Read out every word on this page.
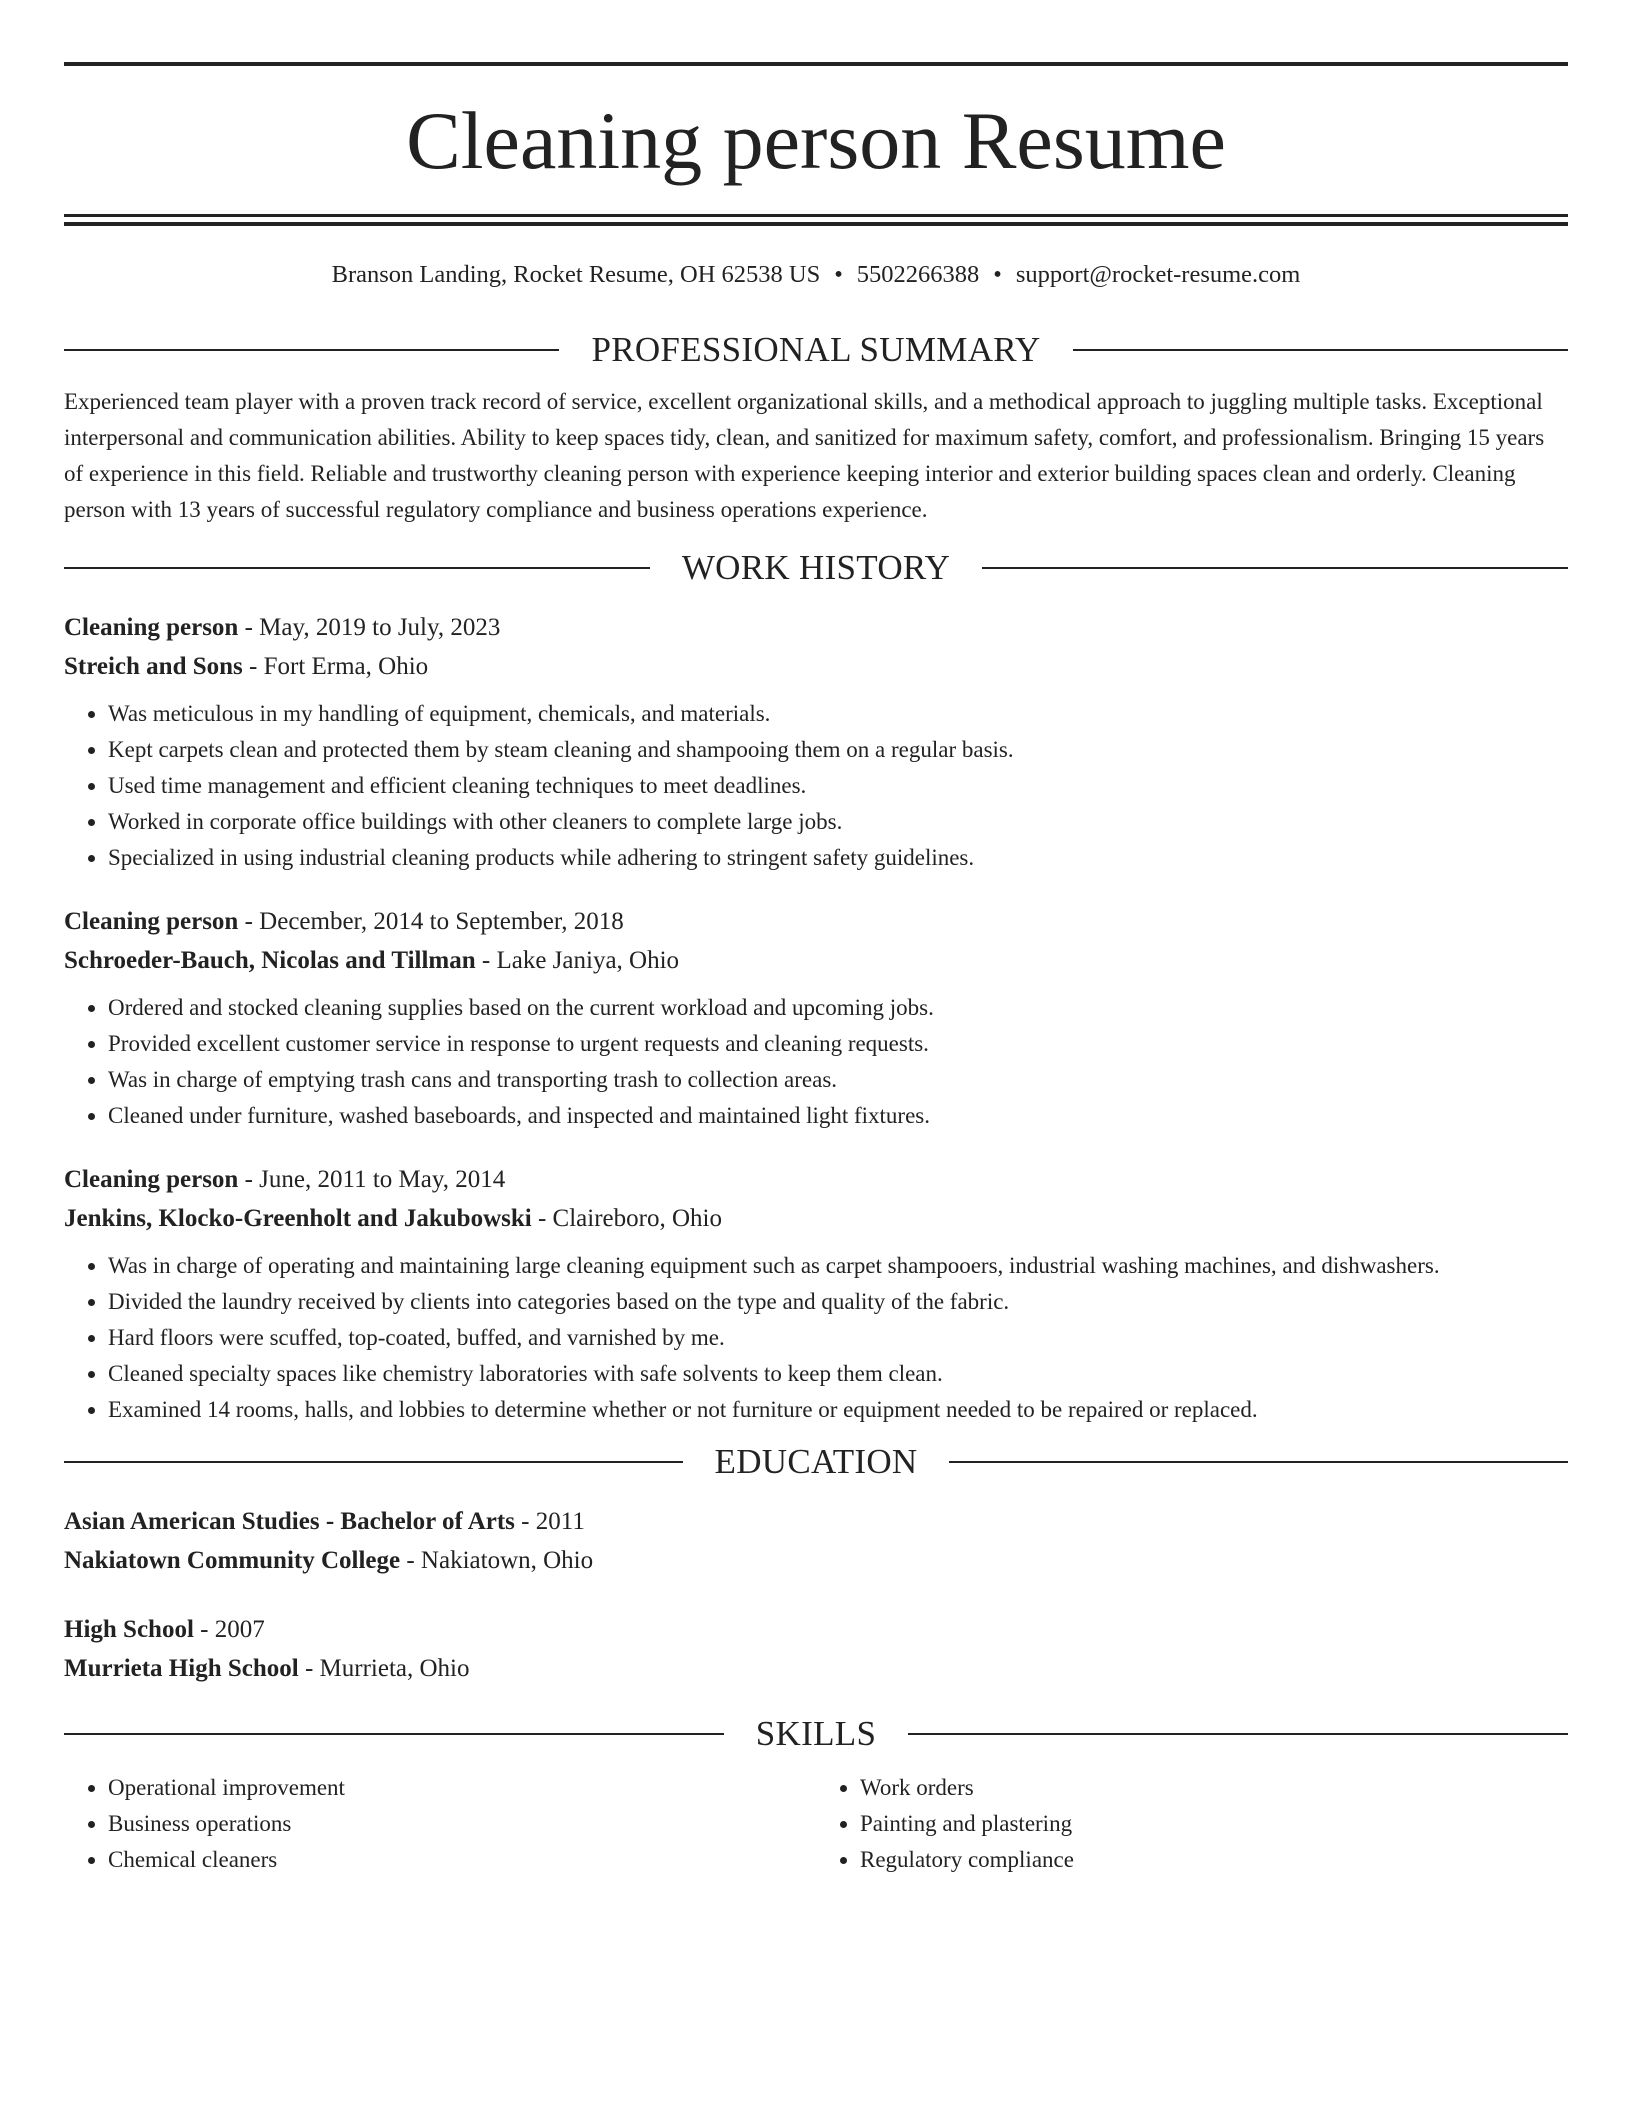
Cleaning person Resume
Branson Landing, Rocket Resume, OH 62538 US • 5502266388 • support@rocket-resume.com
PROFESSIONAL SUMMARY

Experienced team player with a proven track record of service, excellent organizational skills, and a methodical approach to juggling multiple tasks. Exceptional interpersonal and communication abilities. Ability to keep spaces tidy, clean, and sanitized for maximum safety, comfort, and professionalism. Bringing 15 years of experience in this field. Reliable and trustworthy cleaning person with experience keeping interior and exterior building spaces clean and orderly. Cleaning person with 13 years of successful regulatory compliance and business operations experience.

WORK HISTORY
Cleaning person - May, 2019 to July, 2023
Streich and Sons - Fort Erma, Ohio
• Was meticulous in my handling of equipment, chemicals, and materials.
• Kept carpets clean and protected them by steam cleaning and shampooing them on a regular basis.
• Used time management and efficient cleaning techniques to meet deadlines.
• Worked in corporate office buildings with other cleaners to complete large jobs.
• Specialized in using industrial cleaning products while adhering to stringent safety guidelines.
Cleaning person - December, 2014 to September, 2018
Schroeder-Bauch, Nicolas and Tillman - Lake Janiya, Ohio
• Ordered and stocked cleaning supplies based on the current workload and upcoming jobs.
• Provided excellent customer service in response to urgent requests and cleaning requests.
• Was in charge of emptying trash cans and transporting trash to collection areas.
• Cleaned under furniture, washed baseboards, and inspected and maintained light fixtures.
Cleaning person - June, 2011 to May, 2014
Jenkins, Klocko-Greenholt and Jakubowski - Claireboro, Ohio
• Was in charge of operating and maintaining large cleaning equipment such as carpet shampooers, industrial washing machines, and dishwashers.
• Divided the laundry received by clients into categories based on the type and quality of the fabric.
• Hard floors were scuffed, top-coated, buffed, and varnished by me.
• Cleaned specialty spaces like chemistry laboratories with safe solvents to keep them clean.
• Examined 14 rooms, halls, and lobbies to determine whether or not furniture or equipment needed to be repaired or replaced.
EDUCATION
Asian American Studies - Bachelor of Arts - 2011
Nakiatown Community College - Nakiatown, Ohio
High School - 2007
Murrieta High School - Murrieta, Ohio
SKILLS
• Operational improvement
• Business operations
• Chemical cleaners
• Work orders
• Painting and plastering
• Regulatory compliance
